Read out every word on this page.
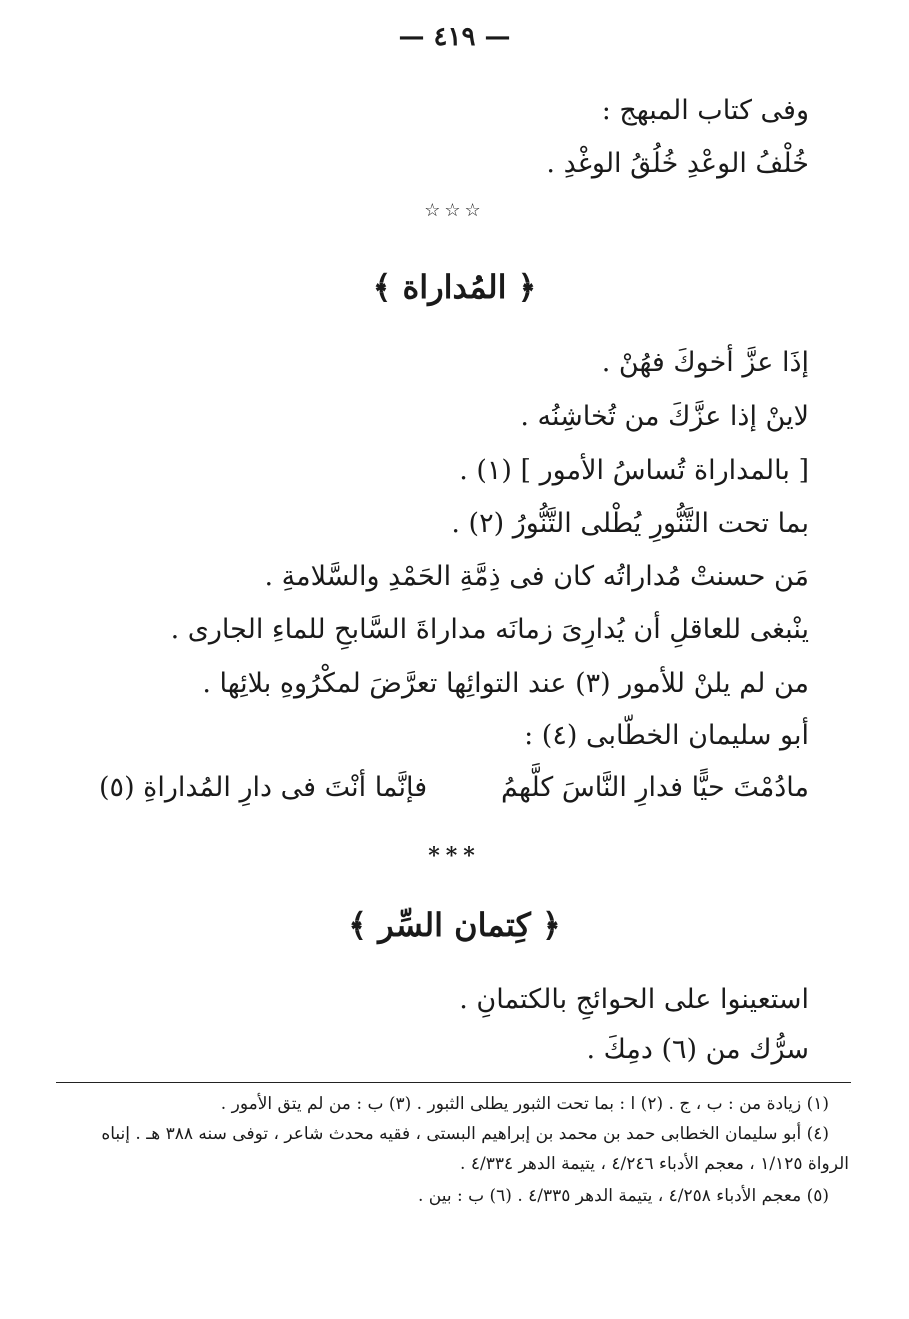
— ٤١٩ —
وفى كتاب المبهج :
خُلْفُ الوعْدِ خُلُقُ الوغْدِ .
☆☆☆
﴿ المُداراة ﴾
إذَا عزَّ أخوكَ فهُنْ .
لاينْ إذا عزَّكَ من تُخاشِنُه .
[ بالمداراة تُساسُ الأمور ] (١) .
بما تحت التَّنُّورِ يُطْلى التَّنُّورُ (٢) .
مَن حسنتْ مُداراتُه كان فى ذِمَّةِ الحَمْدِ والسَّلامةِ .
ينْبغى للعاقلِ أن يُدارِىَ زمانَه مداراةَ السَّابحِ للماءِ الجارى .
من لم يلنْ للأمور (٣) عند التوائِها تعرَّضَ لمكْرُوهِ بلائِها .
أبو سليمان الخطّابى (٤) :
مادُمْتَ حيًّا فدارِ النَّاسَ كلَّهمُ
فإنَّما أنْتَ فى دارِ المُداراةِ (٥)
***
﴿ كِتمان السِّر ﴾
استعينوا على الحوائجِ بالكتمانِ .
سرُّك من (٦) دمِكَ .
(١) زيادة من : ب ، ج . (٢) ا : بما تحت الثبور يطلى الثبور . (٣) ب : من لم يتق الأمور .
(٤) أبو سليمان الخطابى حمد بن محمد بن إبراهيم البستى ، فقيه محدث شاعر ، توفى سنه ٣٨٨ هـ . إنباه
الرواة ١/١٢٥ ، معجم الأدباء ٤/٢٤٦ ، يتيمة الدهر ٤/٣٣٤ .
(٥) معجم الأدباء ٤/٢٥٨ ، يتيمة الدهر ٤/٣٣٥ . (٦) ب : بين .
